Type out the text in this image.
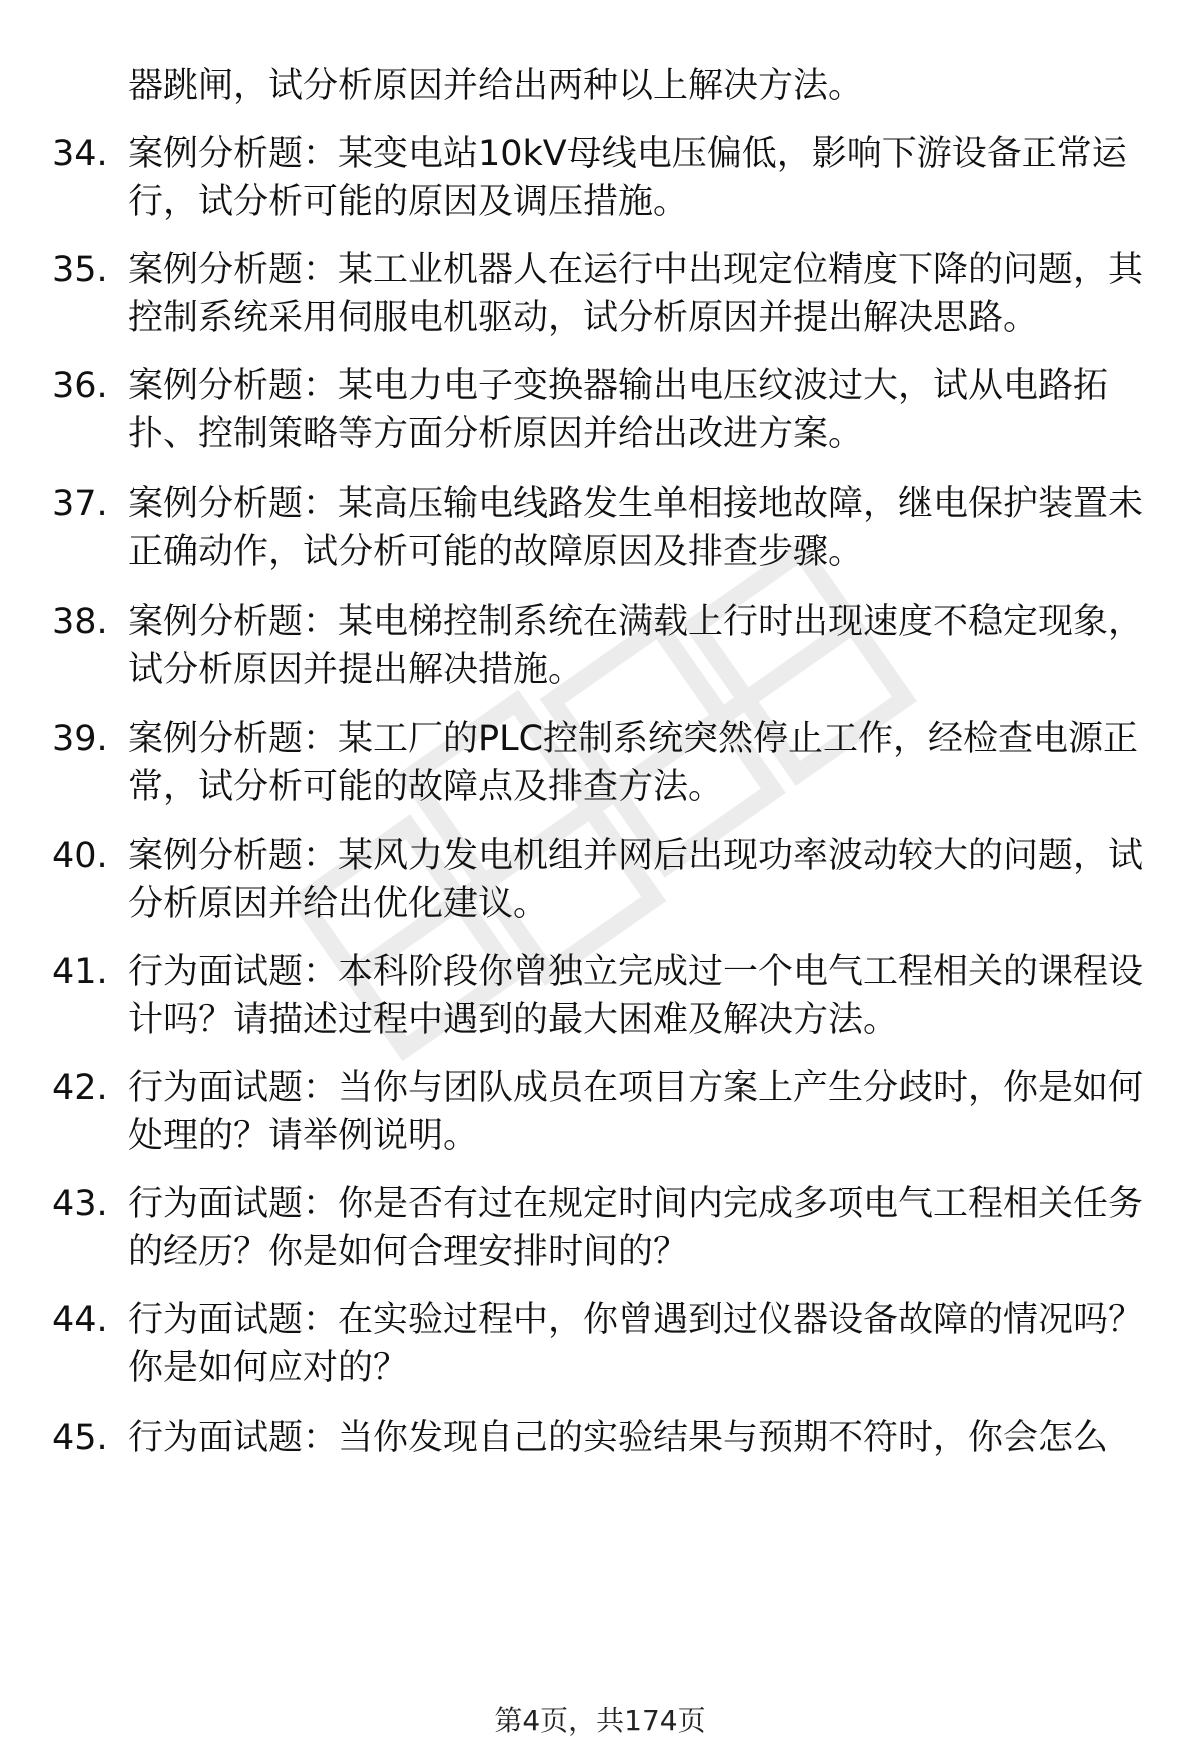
器跳闸，试分析原因并给出两种以上解决方法。
34. 案例分析题：某变电站10kV母线电压偏低，影响下游设备正常运行，试分析可能的原因及调压措施。
35. 案例分析题：某工业机器人在运行中出现定位精度下降的问题，其控制系统采用伺服电机驱动，试分析原因并提出解决思路。
36. 案例分析题：某电力电子变换器输出电压纹波过大，试从电路拓扑、控制策略等方面分析原因并给出改进方案。
37. 案例分析题：某高压输电线路发生单相接地故障，继电保护装置未正确动作，试分析可能的故障原因及排查步骤。
38. 案例分析题：某电梯控制系统在满载上行时出现速度不稳定现象，试分析原因并提出解决措施。
39. 案例分析题：某工厂的PLC控制系统突然停止工作，经检查电源正常，试分析可能的故障点及排查方法。
40. 案例分析题：某风力发电机组并网后出现功率波动较大的问题，试分析原因并给出优化建议。
41. 行为面试题：本科阶段你曾独立完成过一个电气工程相关的课程设计吗？请描述过程中遇到的最大困难及解决方法。
42. 行为面试题：当你与团队成员在项目方案上产生分歧时，你是如何处理的？请举例说明。
43. 行为面试题：你是否有过在规定时间内完成多项电气工程相关任务的经历？你是如何合理安排时间的？
44. 行为面试题：在实验过程中，你曾遇到过仪器设备故障的情况吗？你是如何应对的？
45. 行为面试题：当你发现自己的实验结果与预期不符时，你会怎么
第4页，共174页
